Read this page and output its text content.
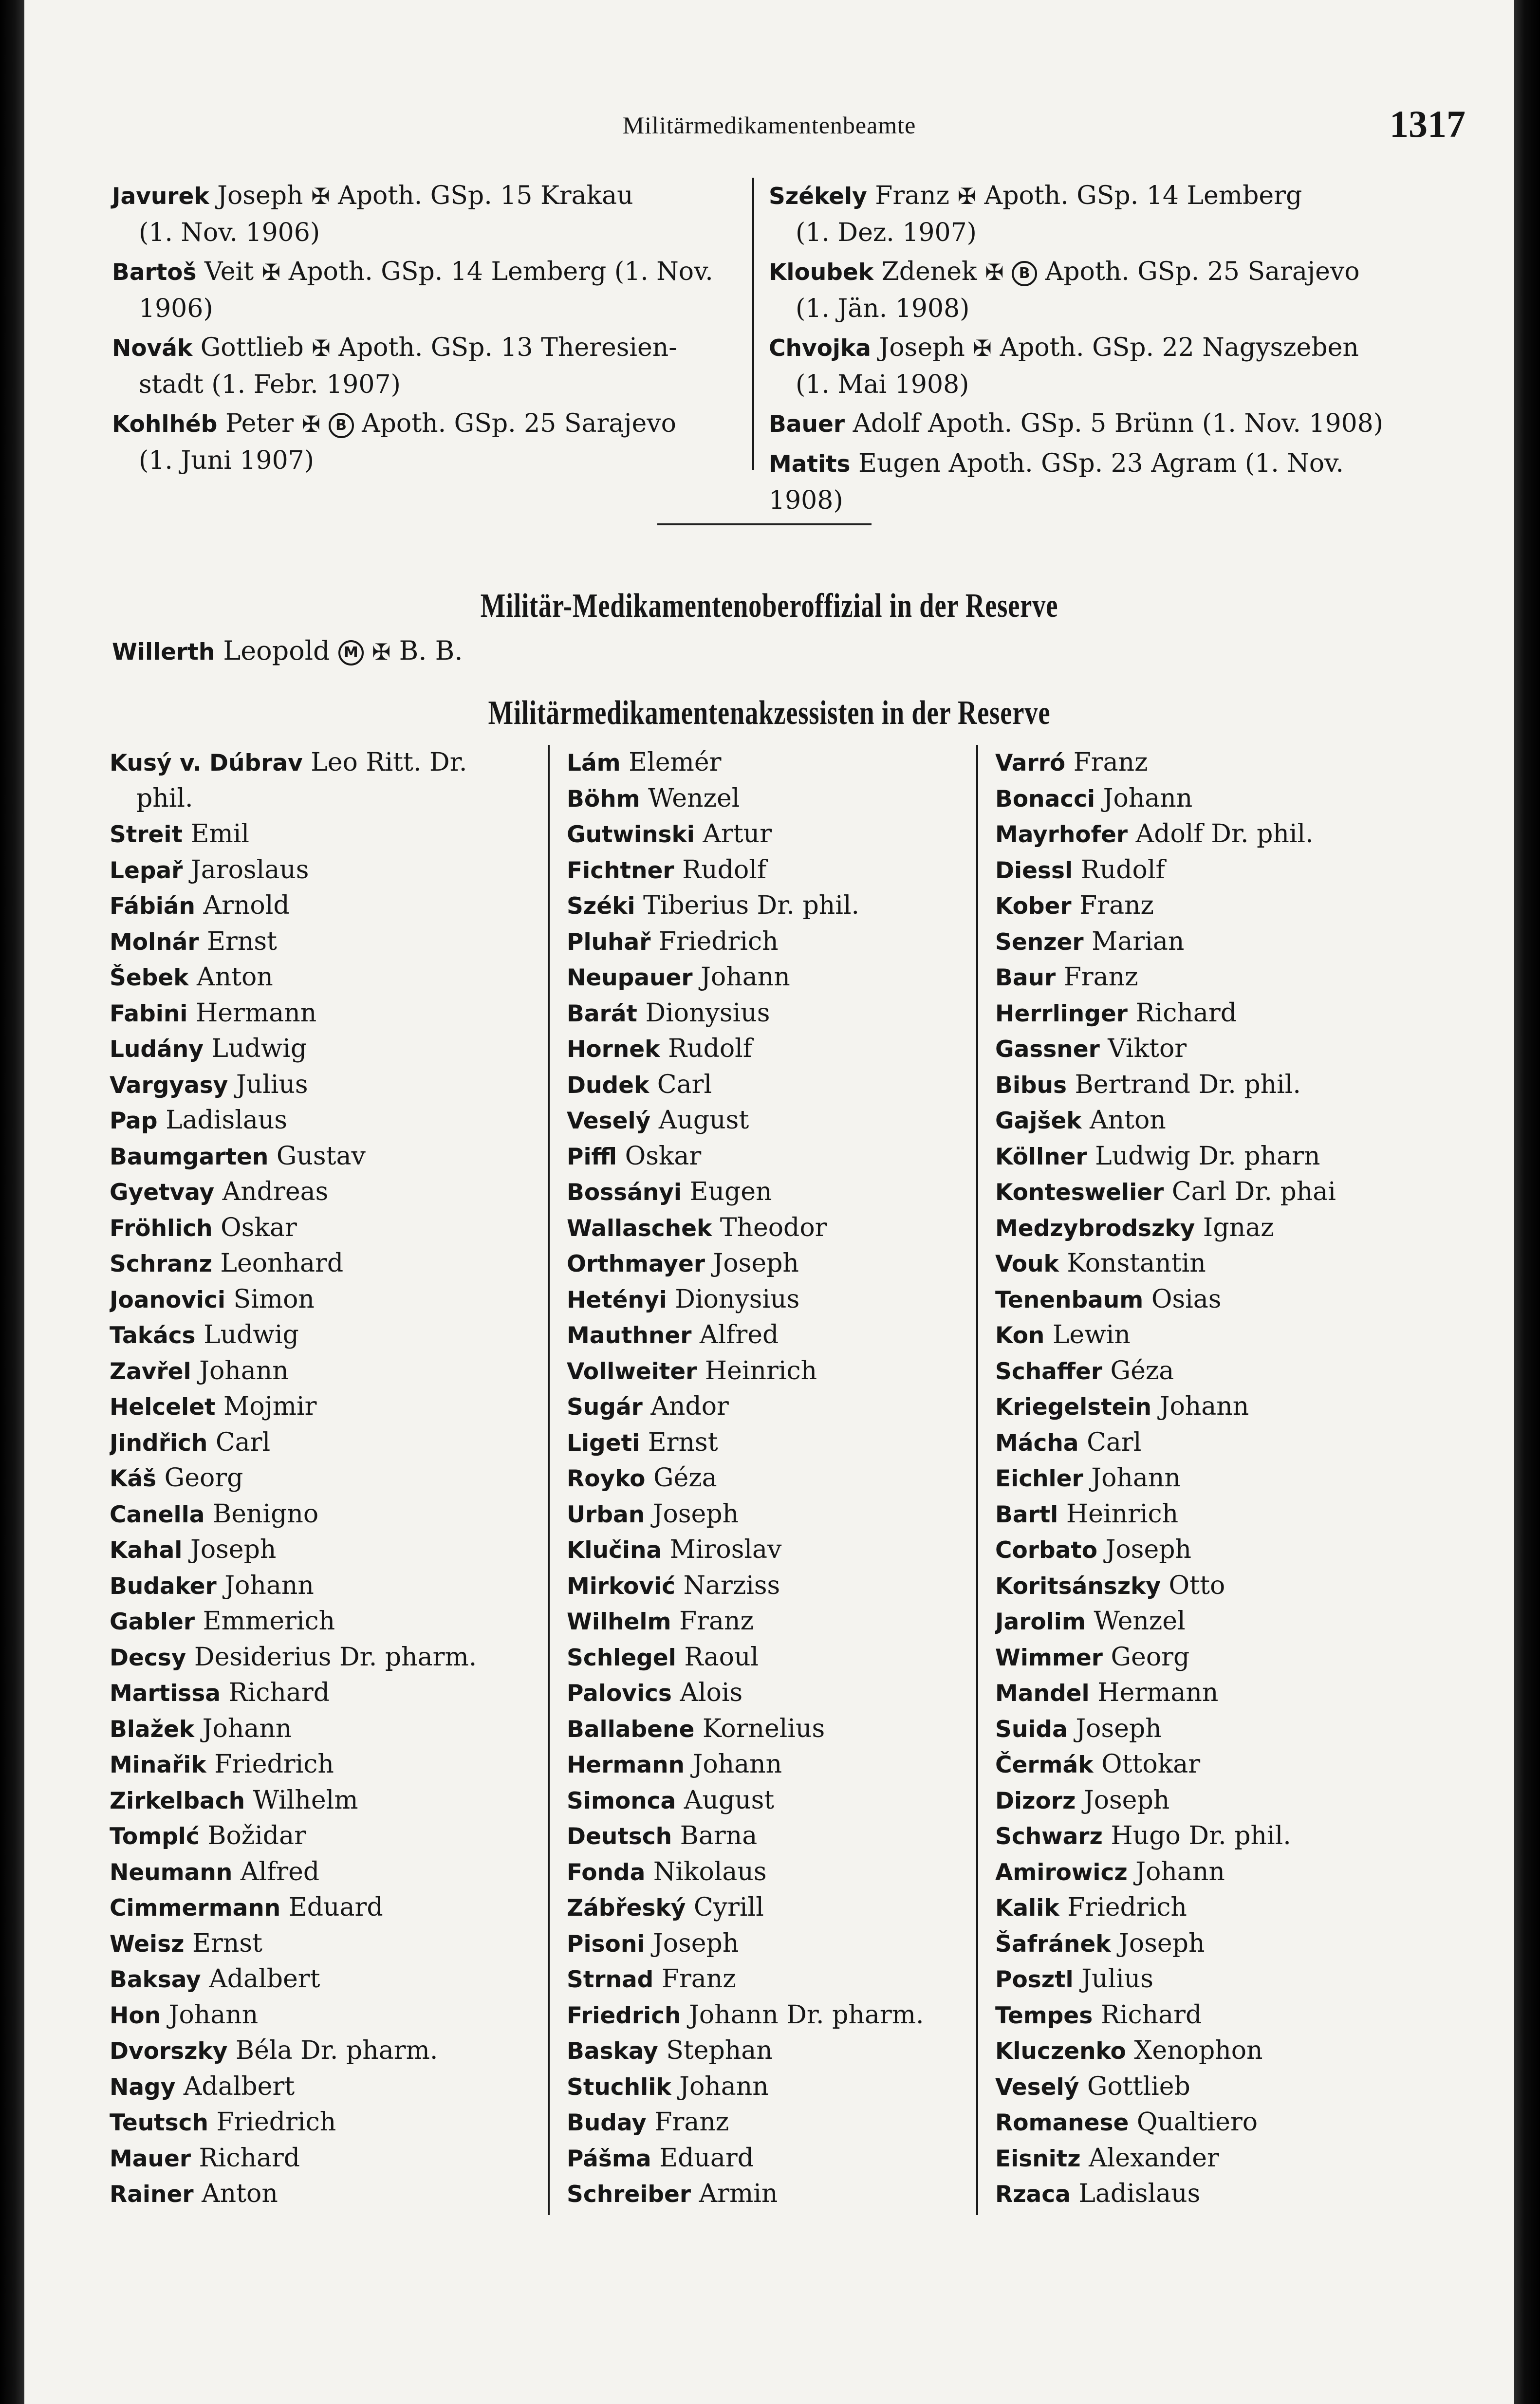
Militärmedikamentenbeamte	1317
Javurek Joseph ✠ Apoth. GSp. 15 Krakau
(1. Nov. 1906)
Bartoš Veit ✠ Apoth. GSp. 14 Lemberg (1. Nov.
1906)
Novák Gottlieb ✠ Apoth. GSp. 13 Theresien-
stadt (1. Febr. 1907)
Kohlhéb Peter ✠ B Apoth. GSp. 25 Sarajevo
(1. Juni 1907)
Székely Franz ✠ Apoth. GSp. 14 Lemberg
(1. Dez. 1907)
Kloubek Zdenek ✠ B Apoth. GSp. 25 Sarajevo
(1. Jän. 1908)
Chvojka Joseph ✠ Apoth. GSp. 22 Nagyszeben
(1. Mai 1908)
Bauer Adolf Apoth. GSp. 5 Brünn (1. Nov. 1908)
Matits Eugen Apoth. GSp. 23 Agram (1. Nov. 1908)
Militär-Medikamentenoberoffizial in der Reserve
Willerth Leopold M ✠ B. B.
Militärmedikamentenakzessisten in der Reserve
Kusý v. Dúbrav Leo Ritt. Dr.
phil.
Streit Emil
Lepař Jaroslaus
Fábián Arnold
Molnár Ernst
Šebek Anton
Fabini Hermann
Ludány Ludwig
Vargyasy Julius
Pap Ladislaus
Baumgarten Gustav
Gyetvay Andreas
Fröhlich Oskar
Schranz Leonhard
Joanovici Simon
Takács Ludwig
Zavřel Johann
Helcelet Mojmir
Jindřich Carl
Káš Georg
Canella Benigno
Kahal Joseph
Budaker Johann
Gabler Emmerich
Decsy Desiderius Dr. pharm.
Martissa Richard
Blažek Johann
Minařik Friedrich
Zirkelbach Wilhelm
Tomplć Božidar
Neumann Alfred
Cimmermann Eduard
Weisz Ernst
Baksay Adalbert
Hon Johann
Dvorszky Béla Dr. pharm.
Nagy Adalbert
Teutsch Friedrich
Mauer Richard
Rainer Anton
Lám Elemér
Böhm Wenzel
Gutwinski Artur
Fichtner Rudolf
Széki Tiberius Dr. phil.
Pluhař Friedrich
Neupauer Johann
Barát Dionysius
Hornek Rudolf
Dudek Carl
Veselý August
Piffl Oskar
Bossányi Eugen
Wallaschek Theodor
Orthmayer Joseph
Hetényi Dionysius
Mauthner Alfred
Vollweiter Heinrich
Sugár Andor
Ligeti Ernst
Royko Géza
Urban Joseph
Klučina Miroslav
Mirković Narziss
Wilhelm Franz
Schlegel Raoul
Palovics Alois
Ballabene Kornelius
Hermann Johann
Simonca August
Deutsch Barna
Fonda Nikolaus
Zábřeský Cyrill
Pisoni Joseph
Strnad Franz
Friedrich Johann Dr. pharm.
Baskay Stephan
Stuchlik Johann
Buday Franz
Pášma Eduard
Schreiber Armin
Varró Franz
Bonacci Johann
Mayrhofer Adolf Dr. phil.
Diessl Rudolf
Kober Franz
Senzer Marian
Baur Franz
Herrlinger Richard
Gassner Viktor
Bibus Bertrand Dr. phil.
Gajšek Anton
Köllner Ludwig Dr. pharn
Konteswelier Carl Dr. phai
Medzybrodszky Ignaz
Vouk Konstantin
Tenenbaum Osias
Kon Lewin
Schaffer Géza
Kriegelstein Johann
Mácha Carl
Eichler Johann
Bartl Heinrich
Corbato Joseph
Koritsánszky Otto
Jarolim Wenzel
Wimmer Georg
Mandel Hermann
Suida Joseph
Čermák Ottokar
Dizorz Joseph
Schwarz Hugo Dr. phil.
Amirowicz Johann
Kalik Friedrich
Šafránek Joseph
Posztl Julius
Tempes Richard
Kluczenko Xenophon
Veselý Gottlieb
Romanese Qualtiero
Eisnitz Alexander
Rzaca Ladislaus
